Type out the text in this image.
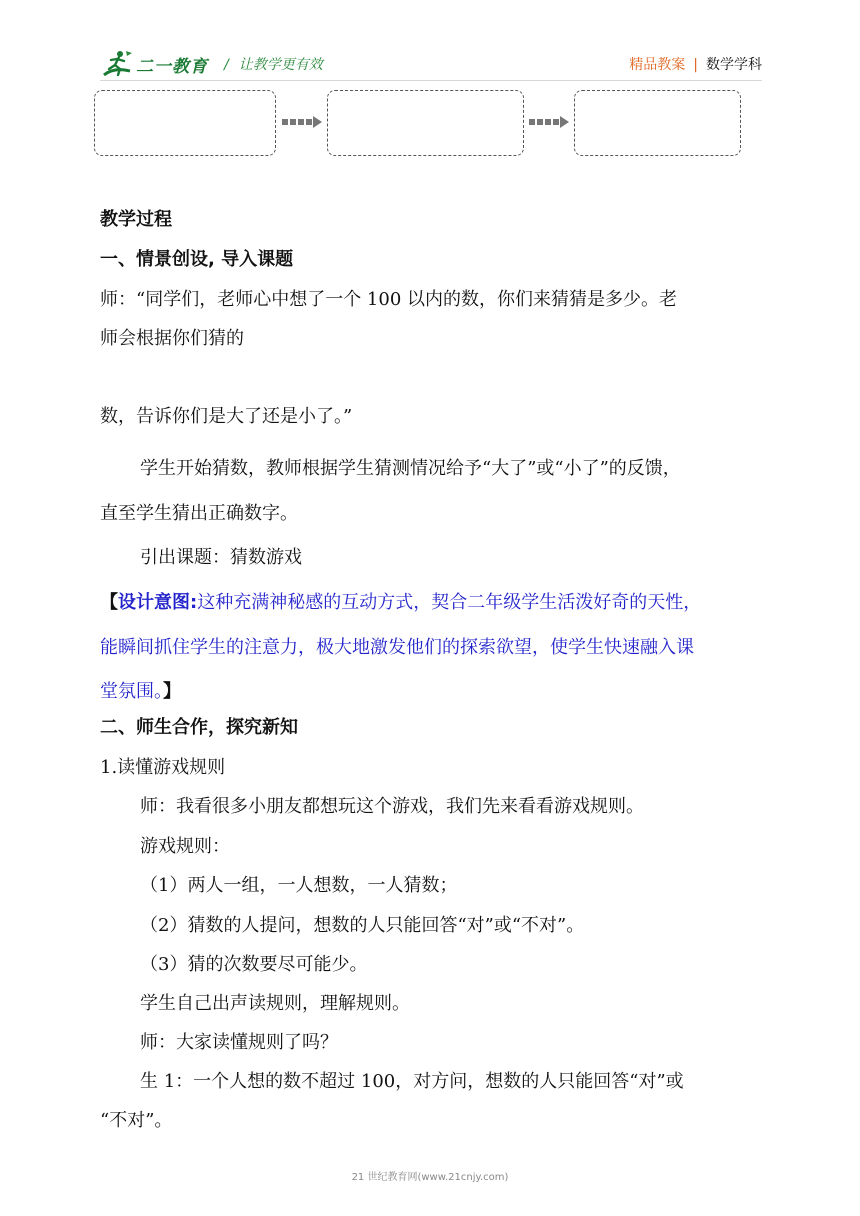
二一教育 / 让教学更有效	精品教案 | 数学学科
教学过程
一、情景创设, 导入课题
师：“同学们，老师心中想了一个 100 以内的数，你们来猜猜是多少。老
师会根据你们猜的
数，告诉你们是大了还是小了。”
学生开始猜数，教师根据学生猜测情况给予“大了”或“小了”的反馈，
直至学生猜出正确数字。
引出课题：猜数游戏
【设计意图:这种充满神秘感的互动方式，契合二年级学生活泼好奇的天性，
能瞬间抓住学生的注意力，极大地激发他们的探索欲望，使学生快速融入课
堂氛围。】
二、师生合作，探究新知
1.读懂游戏规则
师：我看很多小朋友都想玩这个游戏，我们先来看看游戏规则。
游戏规则：
（1）两人一组，一人想数，一人猜数；
（2）猜数的人提问，想数的人只能回答“对”或“不对”。
（3）猜的次数要尽可能少。
学生自己出声读规则，理解规则。
师：大家读懂规则了吗？
生 1：一个人想的数不超过 100，对方问，想数的人只能回答“对”或
“不对”。
21 世纪教育网(www.21cnjy.com)
